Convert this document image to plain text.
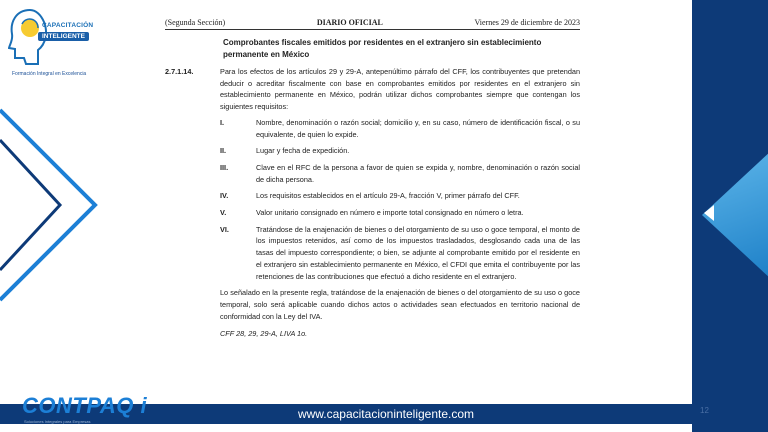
CAPACITACIÓN
INTELIGENTE
Formación Integral en Excelencia
(Segunda Sección)	DIARIO OFICIAL	Viernes 29 de diciembre de 2023
Comprobantes fiscales emitidos por residentes en el extranjero sin establecimiento permanente en México
2.7.1.14.	Para los efectos de los artículos 29 y 29-A, antepenúltimo párrafo del CFF, los contribuyentes que pretendan deducir o acreditar fiscalmente con base en comprobantes emitidos por residentes en el extranjero sin establecimiento permanente en México, podrán utilizar dichos comprobantes siempre que contengan los siguientes requisitos:
I.	Nombre, denominación o razón social; domicilio y, en su caso, número de identificación fiscal, o su equivalente, de quien lo expide.
II.	Lugar y fecha de expedición.
III.	Clave en el RFC de la persona a favor de quien se expida y, nombre, denominación o razón social de dicha persona.
IV.	Los requisitos establecidos en el artículo 29-A, fracción V, primer párrafo del CFF.
V.	Valor unitario consignado en número e importe total consignado en número o letra.
VI.	Tratándose de la enajenación de bienes o del otorgamiento de su uso o goce temporal, el monto de los impuestos retenidos, así como de los impuestos trasladados, desglosando cada una de las tasas del impuesto correspondiente; o bien, se adjunte al comprobante emitido por el residente en el extranjero sin establecimiento permanente en México, el CFDI que emita el contribuyente por las retenciones de las contribuciones que efectuó a dicho residente en el extranjero.
Lo señalado en la presente regla, tratándose de la enajenación de bienes o del otorgamiento de su uso o goce temporal, solo será aplicable cuando dichos actos o actividades sean efectuados en territorio nacional de conformidad con la Ley del IVA.
CFF 28, 29, 29-A, LIVA 1o.
12
www.capacitacioninteligente.com
CONTPAQ i
Soluciones Integrales para Empresas
